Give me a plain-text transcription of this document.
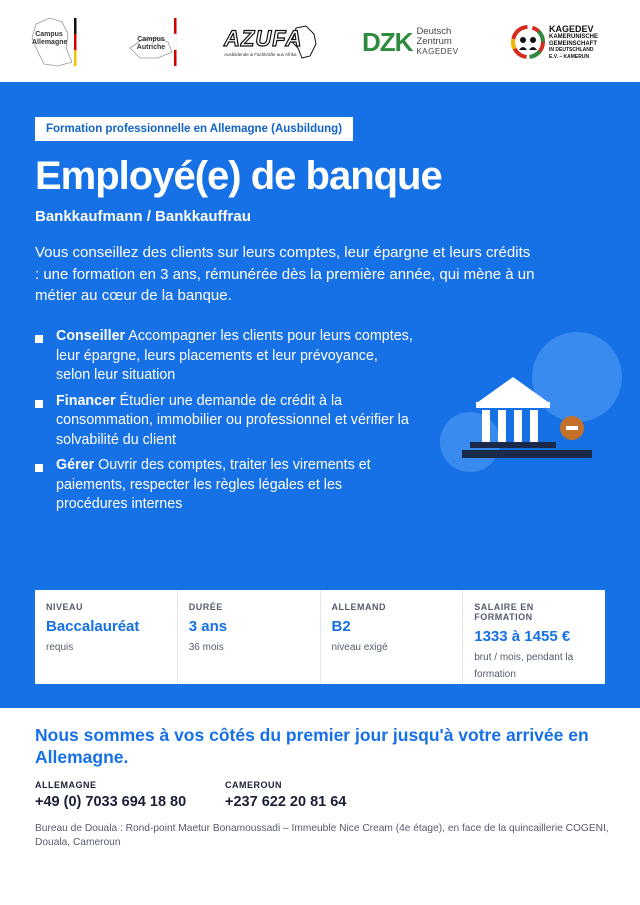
Campus Allemagne	Campus Autriche	AZUFA
Ausbildende & Fachkräfte aus Afrika	DZK Deutsch
Zentrum
KAGEDEV
KAGEDEV
KAMERUNISCHE
GEMEINSCHAFT
IN DEUTSCHLAND
E.V. – KAMERUN
Formation professionnelle en Allemagne (Ausbildung)
Employé(e) de banque
Bankkaufmann / Bankkauffrau

Vous conseillez des clients sur leurs comptes, leur épargne et leurs crédits : une formation en 3 ans, rémunérée dès la première année, qui mène à un métier au cœur de la banque.

Conseiller Accompagner les clients pour leurs comptes, leur épargne, leurs placements et leur prévoyance, selon leur situation
Financer Étudier une demande de crédit à la consommation, immobilier ou professionnel et vérifier la solvabilité du client
Gérer Ouvrir des comptes, traiter les virements et paiements, respecter les règles légales et les procédures internes
NIVEAU
Baccalauréat
requis
DURÉE
3 ans
36 mois
ALLEMAND
B2
niveau exigé
SALAIRE EN FORMATION
1333 à 1455 €
brut / mois, pendant la formation
Nous sommes à vos côtés du premier jour jusqu'à votre arrivée en Allemagne.
ALLEMAGNE
+49 (0) 7033 694 18 80
CAMEROUN
+237 622 20 81 64

Bureau de Douala : Rond-point Maetur Bonamoussadi – Immeuble Nice Cream (4e étage), en face de la quincaillerie COGENI, Douala, Cameroun
